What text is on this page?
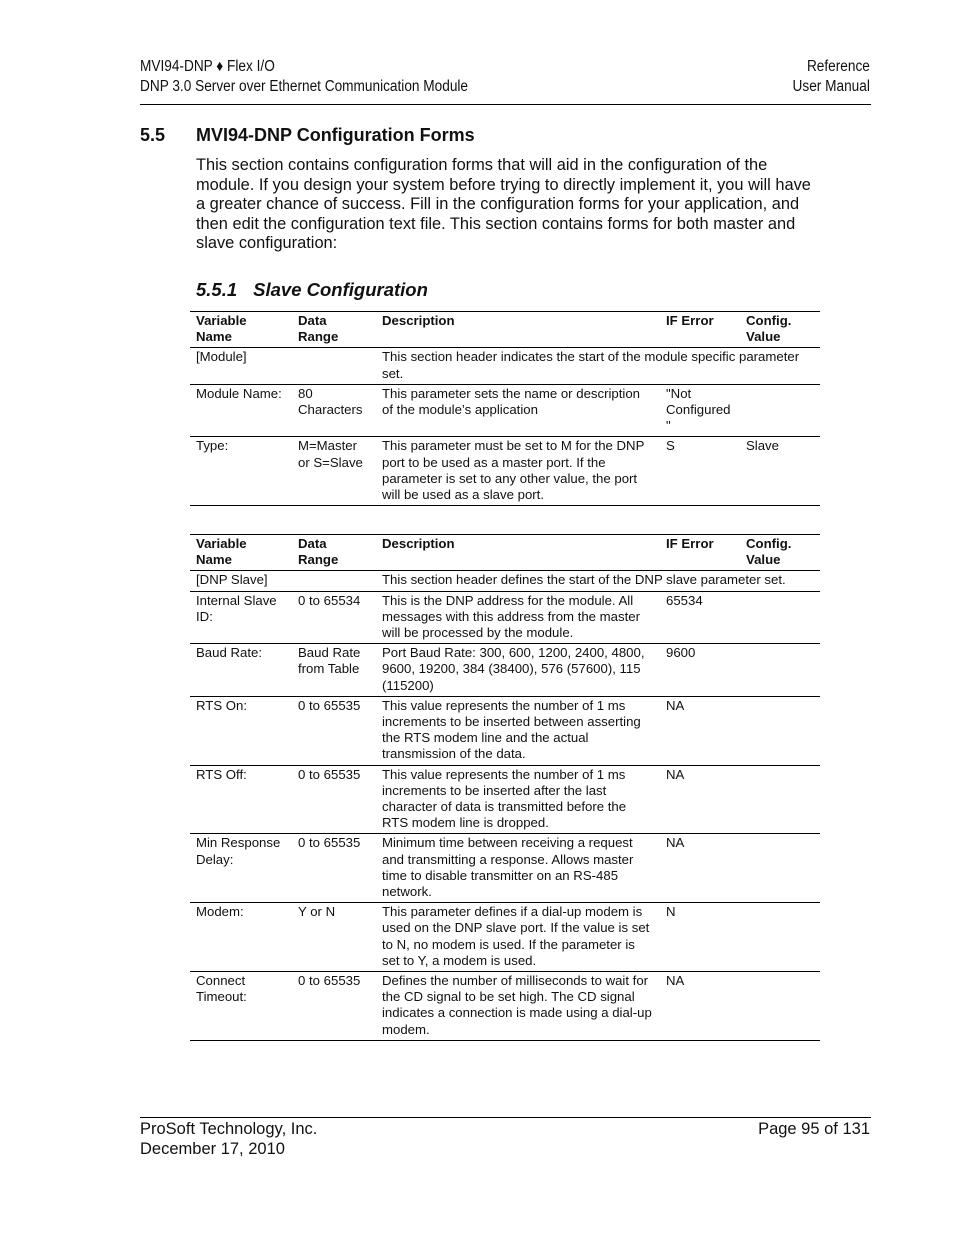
MVI94-DNP ♦ Flex I/O
DNP 3.0 Server over Ethernet Communication Module
Reference
User Manual
5.5 MVI94-DNP Configuration Forms
This section contains configuration forms that will aid in the configuration of the module. If you design your system before trying to directly implement it, you will have a greater chance of success. Fill in the configuration forms for your application, and then edit the configuration text file. This section contains forms for both master and slave configuration:
5.5.1 Slave Configuration
Variable Name	Data Range	Description	IF Error	Config. Value
[Module]		This section header indicates the start of the module specific parameter set.		
Module Name:	80 Characters	This parameter sets the name or description of the module’s application	"Not Configured "	
Type:	M=Master or S=Slave	This parameter must be set to M for the DNP port to be used as a master port. If the parameter is set to any other value, the port will be used as a slave port.	S	Slave
Variable Name	Data Range	Description	IF Error	Config. Value
[DNP Slave]		This section header defines the start of the DNP slave parameter set.		
Internal Slave ID:	0 to 65534	This is the DNP address for the module. All messages with this address from the master will be processed by the module.	65534	
Baud Rate:	Baud Rate from Table	Port Baud Rate: 300, 600, 1200, 2400, 4800, 9600, 19200, 384 (38400), 576 (57600), 115 (115200)	9600	
RTS On:	0 to 65535	This value represents the number of 1 ms increments to be inserted between asserting the RTS modem line and the actual transmission of the data.	NA	
RTS Off:	0 to 65535	This value represents the number of 1 ms increments to be inserted after the last character of data is transmitted before the RTS modem line is dropped.	NA	
Min Response Delay:	0 to 65535	Minimum time between receiving a request and transmitting a response. Allows master time to disable transmitter on an RS-485 network.	NA	
Modem:	Y or N	This parameter defines if a dial-up modem is used on the DNP slave port. If the value is set to N, no modem is used. If the parameter is set to Y, a modem is used.	N	
Connect Timeout:	0 to 65535	Defines the number of milliseconds to wait for the CD signal to be set high. The CD signal indicates a connection is made using a dial-up modem.	NA	
ProSoft Technology, Inc.
December 17, 2010
Page 95 of 131
